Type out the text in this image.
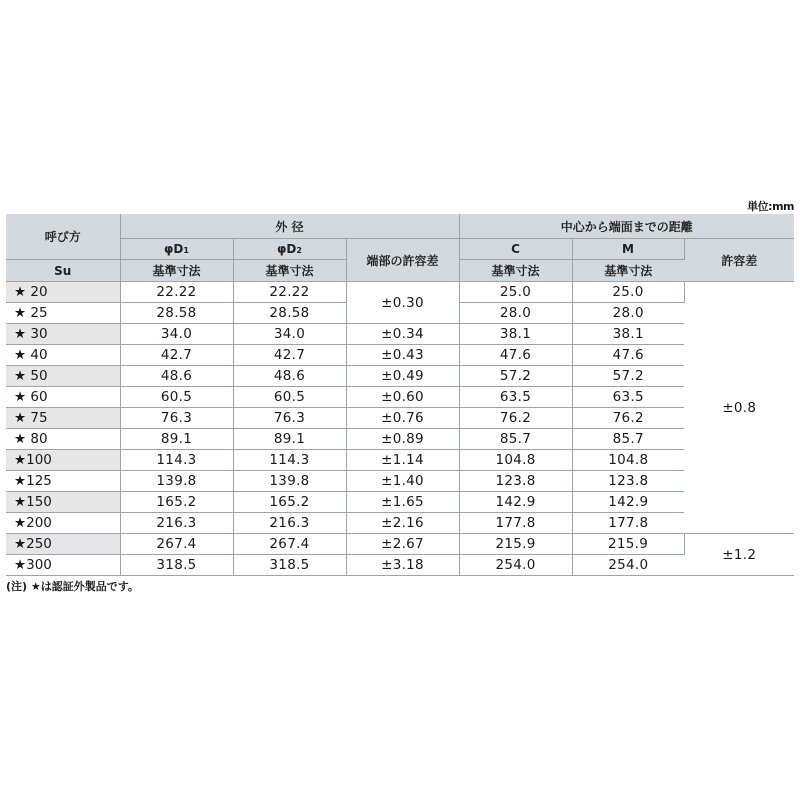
単位:mm
呼び方	外 径			中心から端面までの距離		
	φD1	φD2	端部の許容差	C	M	許容差
Su	基準寸法	基準寸法		基準寸法	基準寸法	
★ 20	22.22	22.22	±0.30	25.0	25.0	±0.8
★ 25	28.58	28.58		28.0	28.0	
★ 30	34.0	34.0	±0.34	38.1	38.1	
★ 40	42.7	42.7	±0.43	47.6	47.6	
★ 50	48.6	48.6	±0.49	57.2	57.2	
★ 60	60.5	60.5	±0.60	63.5	63.5	
★ 75	76.3	76.3	±0.76	76.2	76.2	
★ 80	89.1	89.1	±0.89	85.7	85.7	
★100	114.3	114.3	±1.14	104.8	104.8	
★125	139.8	139.8	±1.40	123.8	123.8	
★150	165.2	165.2	±1.65	142.9	142.9	
★200	216.3	216.3	±2.16	177.8	177.8	
★250	267.4	267.4	±2.67	215.9	215.9	±1.2
★300	318.5	318.5	±3.18	254.0	254.0	
(注) ★は認証外製品です。
